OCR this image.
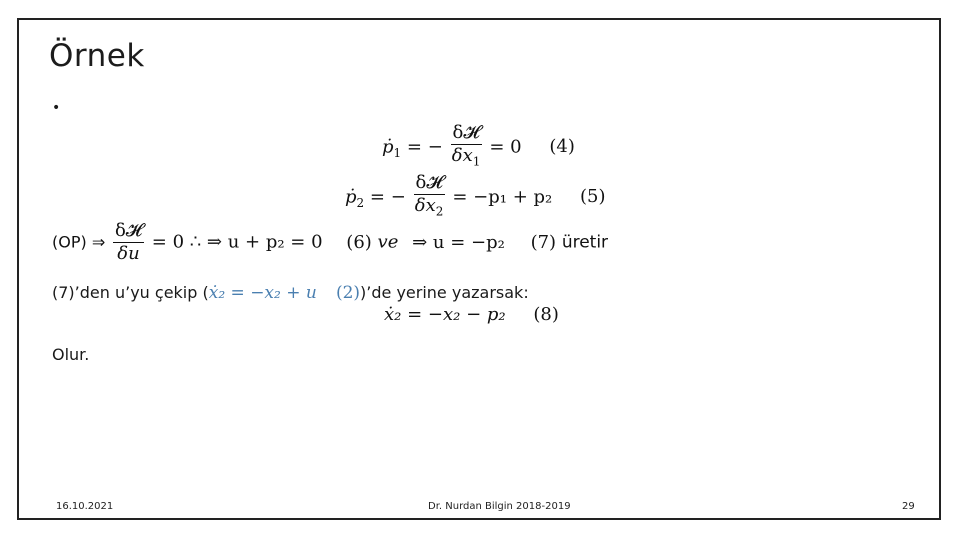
Örnek
•
ṗ$_1$ = − $\frac{\text{δ𝓗}}{\delta x_1} = 0$ (4)
ṗ$_2$ = − $\frac{\text{δ𝓗}}{\delta x_2} = -p_1 + p_2$ (5)
(OP) ⇒ $\frac{\text{δ𝓗}}{\delta u} = 0$ ∴ ⇒ u + p₂ = 0 (6) ve ⇒ u = −p₂ (7) üretir
(7)’den u’yu çekip (ẋ₂ = −x₂ + u (2))’de yerine yazarsak:
ẋ₂ = −x₂ − p₂ (8)
Olur.
16.10.2021	Dr. Nurdan Bilgin 2018-2019	29
